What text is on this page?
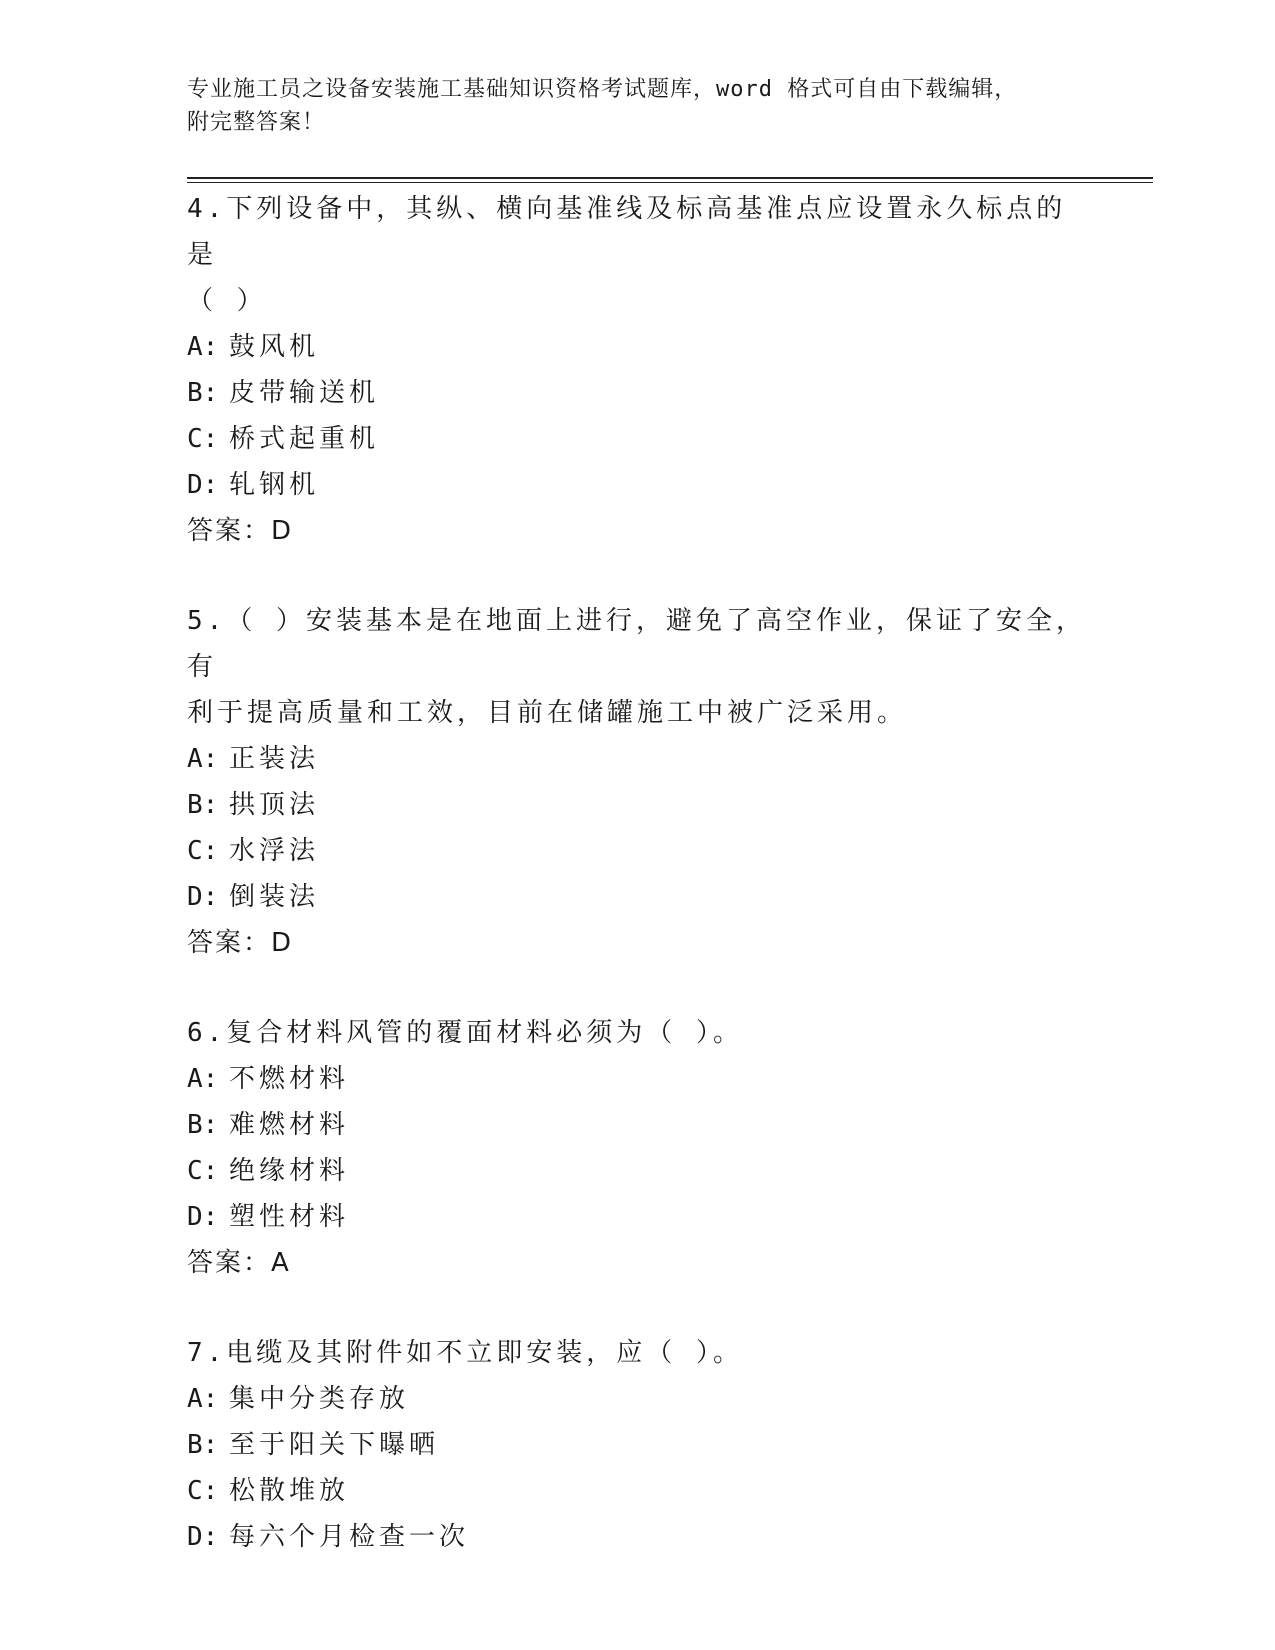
专业施工员之设备安装施工基础知识资格考试题库，word 格式可自由下载编辑，
附完整答案！

4.下列设备中，其纵、横向基准线及标高基准点应设置永久标点的是

（ ）

A: 鼓风机

B: 皮带输送机

C: 桥式起重机

D: 轧钢机

答案：D

5.（ ）安装基本是在地面上进行，避免了高空作业，保证了安全，有

利于提高质量和工效，目前在储罐施工中被广泛采用。

A: 正装法

B: 拱顶法

C: 水浮法

D: 倒装法

答案：D

6.复合材料风管的覆面材料必须为（ ）。

A: 不燃材料

B: 难燃材料

C: 绝缘材料

D: 塑性材料

答案：A

7.电缆及其附件如不立即安装，应（ ）。

A: 集中分类存放

B: 至于阳关下曝晒

C: 松散堆放

D: 每六个月检查一次
